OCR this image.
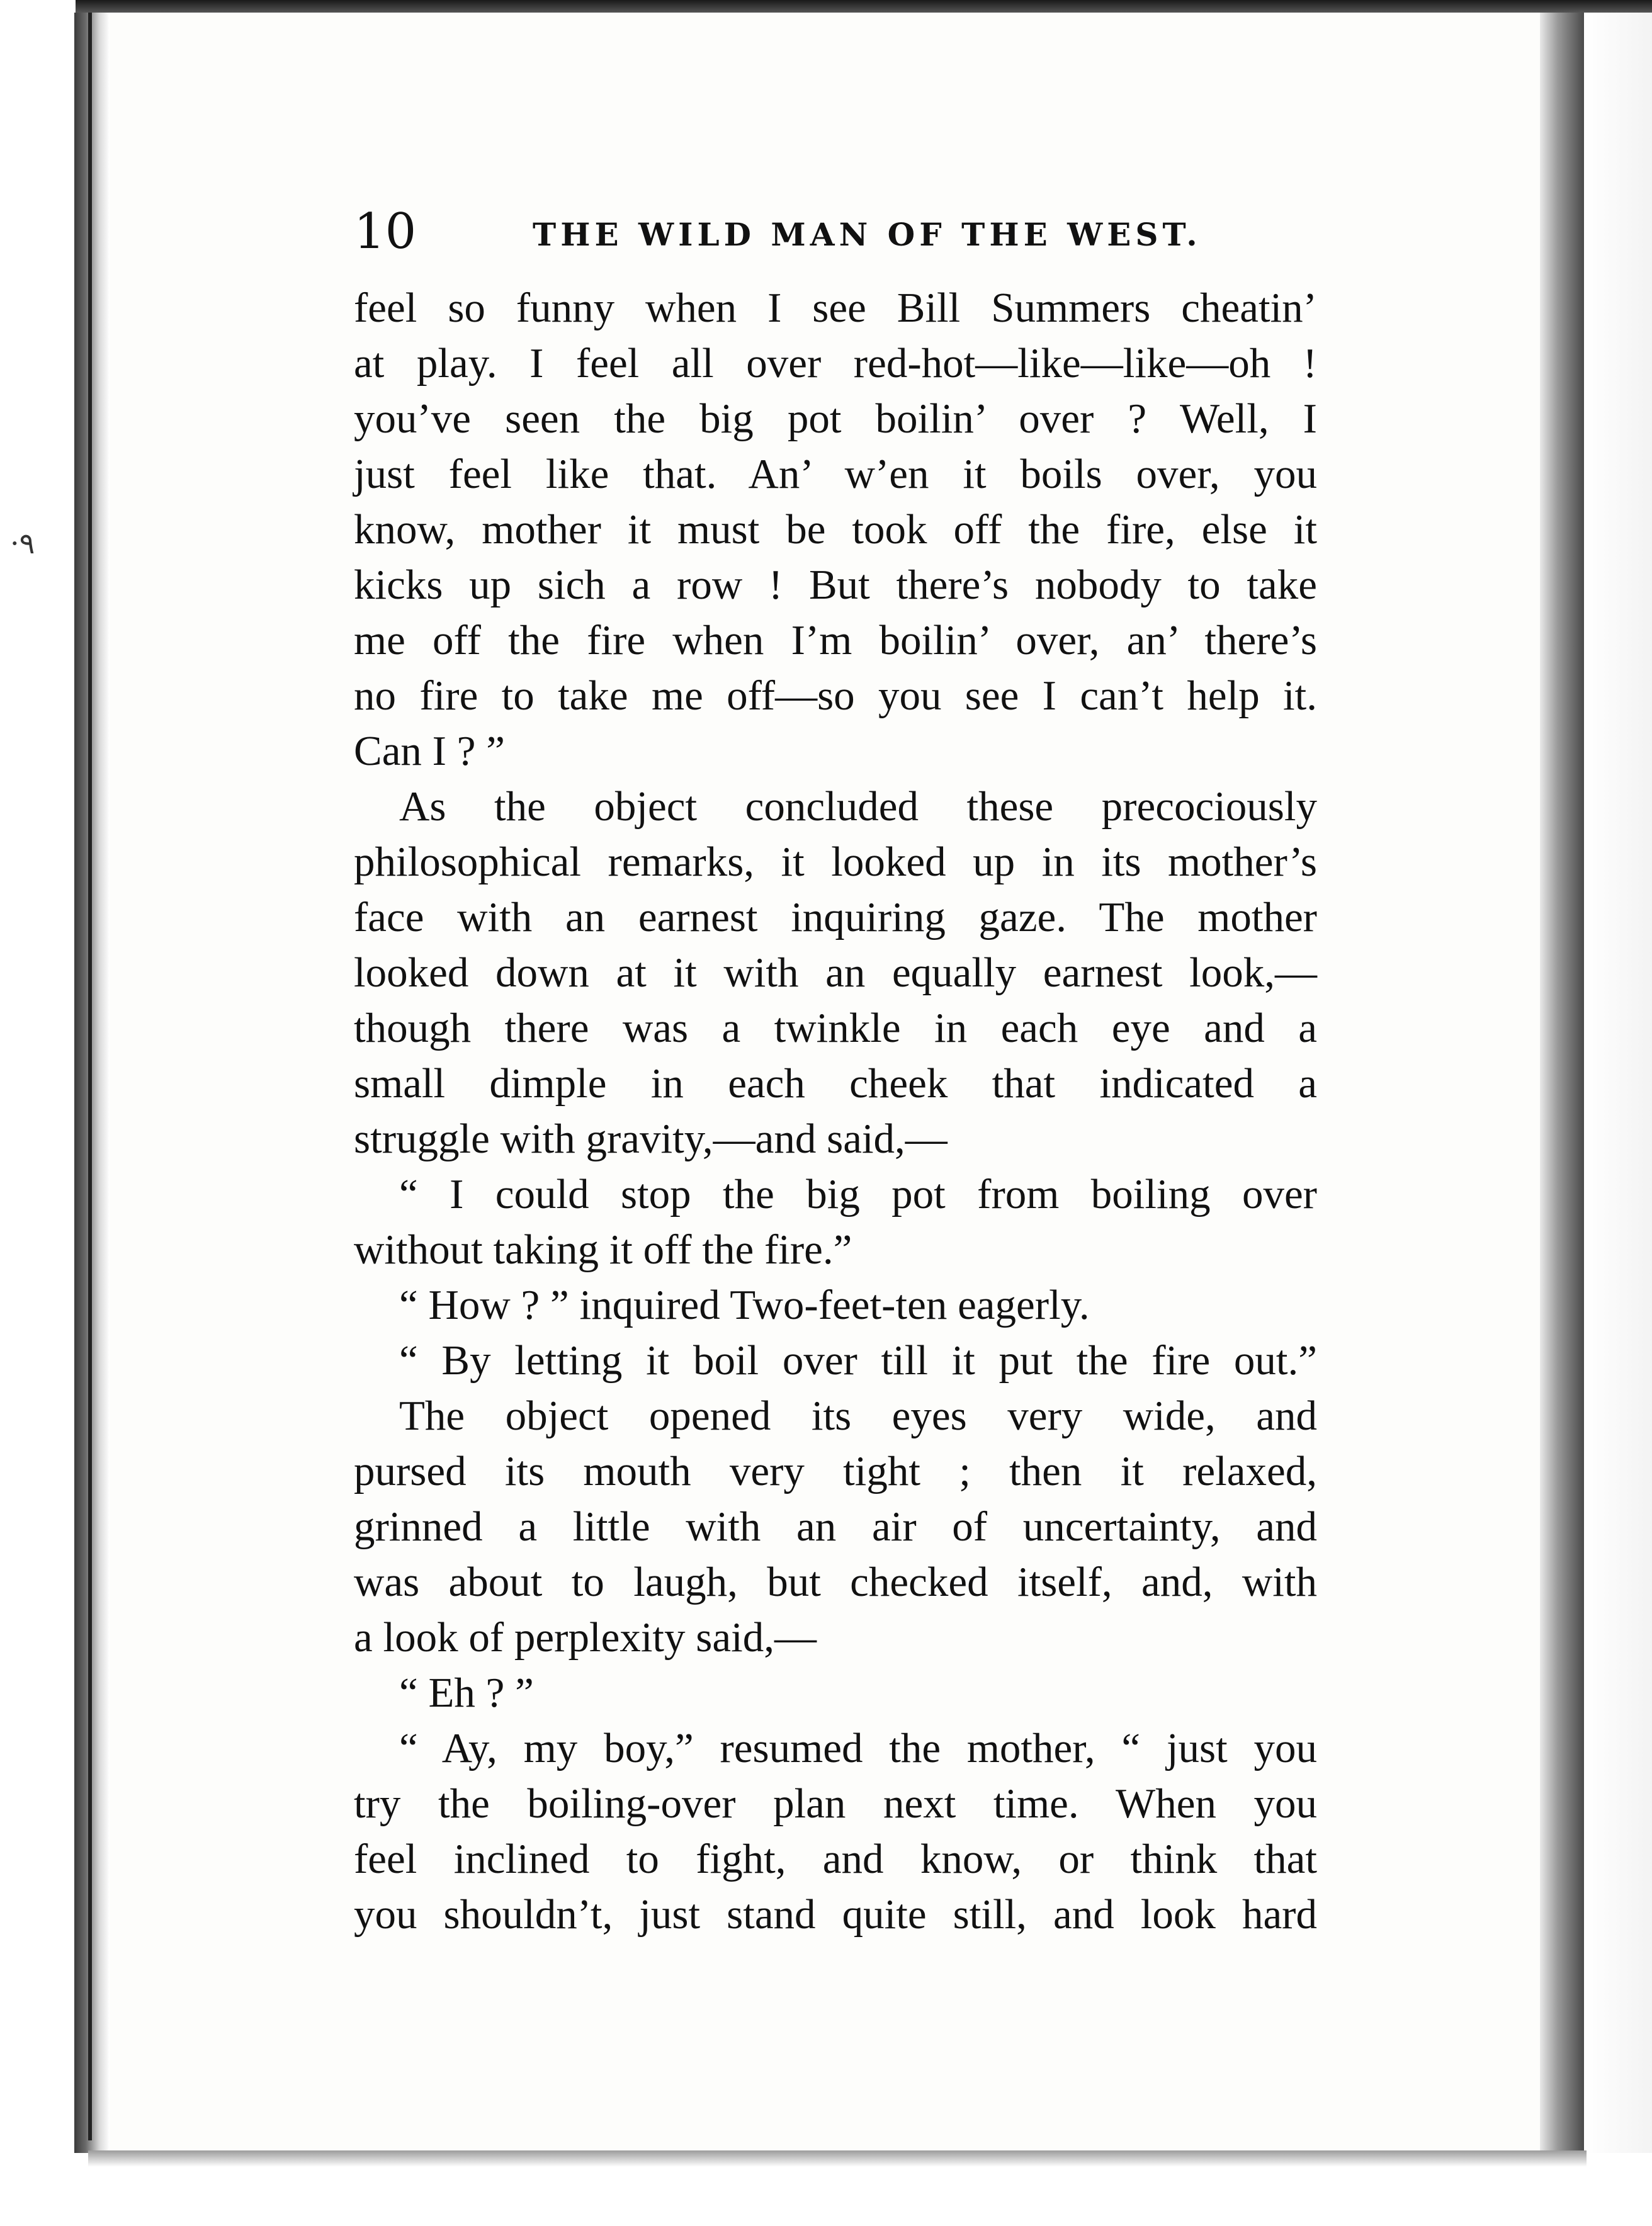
·٩
10	THE WILD MAN OF THE WEST.
feel so funny when I see Bill Summers cheatin’
at play. I feel all over red-hot—like—like—oh !
you’ve seen the big pot boilin’ over ? Well, I
just feel like that. An’ w’en it boils over, you
know, mother it must be took off the fire, else it
kicks up sich a row ! But there’s nobody to take
me off the fire when I’m boilin’ over, an’ there’s
no fire to take me off—so you see I can’t help it.
Can I ? ”
As the object concluded these precociously
philosophical remarks, it looked up in its mother’s
face with an earnest inquiring gaze. The mother
looked down at it with an equally earnest look,—
though there was a twinkle in each eye and a
small dimple in each cheek that indicated a
struggle with gravity,—and said,—
“ I could stop the big pot from boiling over
without taking it off the fire.”
“ How ? ” inquired Two-feet-ten eagerly.
“ By letting it boil over till it put the fire out.”
The object opened its eyes very wide, and
pursed its mouth very tight ; then it relaxed,
grinned a little with an air of uncertainty, and
was about to laugh, but checked itself, and, with
a look of perplexity said,—
“ Eh ? ”
“ Ay, my boy,” resumed the mother, “ just you
try the boiling-over plan next time. When you
feel inclined to fight, and know, or think that
you shouldn’t, just stand quite still, and look hard
